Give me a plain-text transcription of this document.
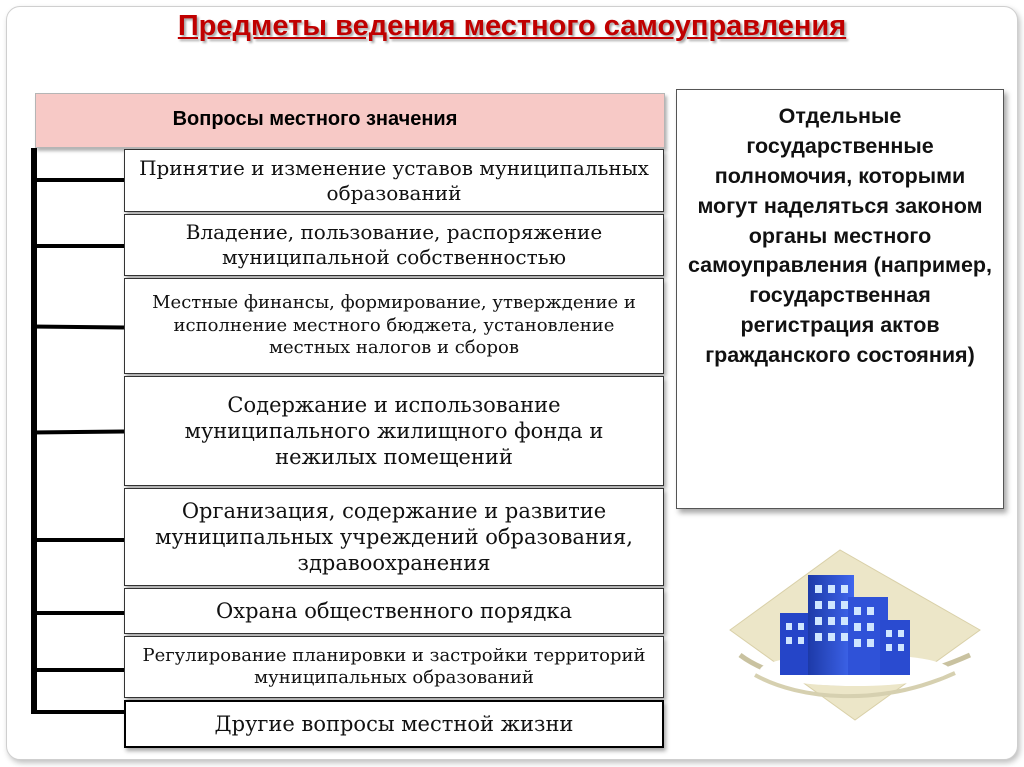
Предметы ведения местного самоуправления
Вопросы местного значения
Принятие и изменение уставов муниципальных образований
Владение, пользование, распоряжение муниципальной собственностью
Местные финансы, формирование, утверждение и исполнение местного бюджета, установление местных налогов и сборов
Содержание и использование муниципального жилищного фонда и нежилых помещений
Организация, содержание и развитие муниципальных учреждений образования, здравоохранения
Охрана общественного порядка
Регулирование планировки и застройки территорий муниципальных образований
Другие вопросы местной жизни
Отдельные государственные полномочия, которыми могут наделяться законом органы местного самоуправления (например, государственная регистрация актов гражданского состояния)
